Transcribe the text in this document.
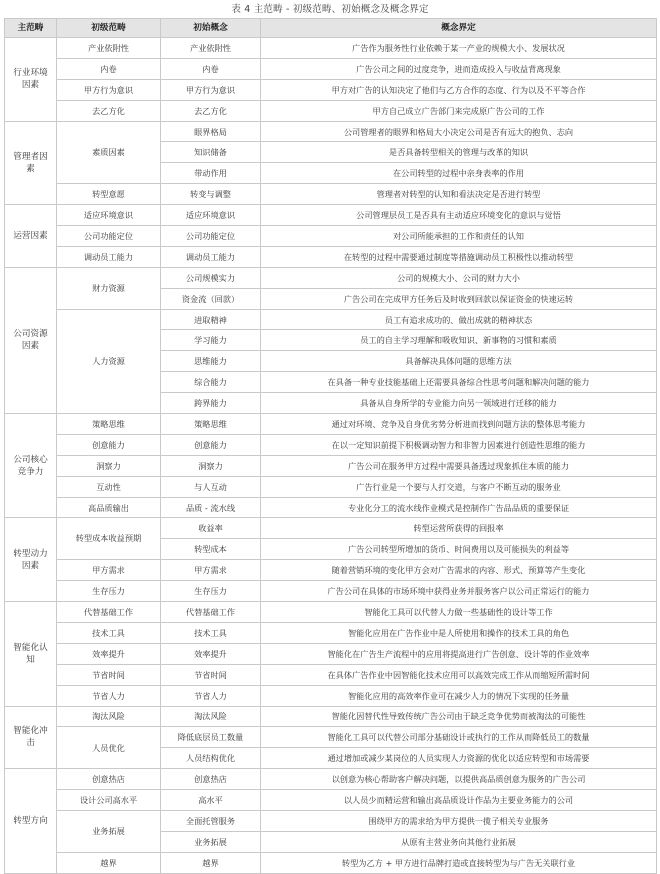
表 4 主范畴 - 初级范畴、初始概念及概念界定
主范畴	初级范畴	初始概念	概念界定
行业环境因素	产业依附性	产业依附性	广告作为服务性行业依赖于某一产业的规模大小、发展状况
	内卷	内卷	广告公司之间的过度竞争，进而造成投入与收益背离现象
	甲方行为意识	甲方行为意识	甲方对广告的认知决定了他们与乙方合作的态度、行为以及不平等合作
	去乙方化	去乙方化	甲方自己成立广告部门来完成原广告公司的工作
管理者因素	素质因素	眼界格局	公司管理者的眼界和格局大小决定公司是否有远大的抱负、志向
		知识储备	是否具备转型相关的管理与改革的知识
		带动作用	在公司转型的过程中亲身表率的作用
	转型意愿	转变与调整	管理者对转型的认知和看法决定是否进行转型
运营因素	适应环境意识	适应环境意识	公司管理层员工是否具有主动适应环境变化的意识与觉悟
	公司功能定位	公司功能定位	对公司所能承担的工作和责任的认知
	调动员工能力	调动员工能力	在转型的过程中需要通过制度等措施调动员工积极性以推动转型
公司资源因素	财力资源	公司规模实力	公司的规模大小、公司的财力大小
		资金流（回款）	广告公司在完成甲方任务后及时收到回款以保证资金的快速运转
	人力资源	进取精神	员工有追求成功的、做出成就的精神状态
		学习能力	员工的自主学习理解和吸收知识、新事物的习惯和素质
		思维能力	具备解决具体问题的思维方法
		综合能力	在具备一种专业技能基础上还需要具备综合性思考问题和解决问题的能力
		跨界能力	具备从自身所学的专业能力向另一领域进行迁移的能力
公司核心竞争力	策略思维	策略思维	通过对环境、竞争及自身优劣势分析进而找到问题方法的整体思考能力
	创意能力	创意能力	在以一定知识前提下积极调动智力和非智力因素进行创造性思维的能力
	洞察力	洞察力	广告公司在服务甲方过程中需要具备透过现象抓住本质的能力
	互动性	与人互动	广告行业是一个要与人打交道，与客户不断互动的服务业
	高品质输出	品质 - 流水线	专业化分工的流水线作业模式是控制作广告品品质的重要保证
转型动力因素	转型成本收益预期	收益率	转型运营所获得的回报率
		转型成本	广告公司转型所增加的货币、时间费用以及可能损失的利益等
	甲方需求	甲方需求	随着营销环境的变化甲方会对广告需求的内容、形式、预算等产生变化
	生存压力	生存压力	广告公司在具体的市场环境中获得业务并服务客户以公司正常运行的能力
智能化认知	代替基础工作	代替基础工作	智能化工具可以代替人力做一些基础性的设计等工作
	技术工具	技术工具	智能化应用在广告作业中是人所使用和操作的技术工具的角色
	效率提升	效率提升	智能化在广告生产流程中的应用将提高进行广告创意、设计等的作业效率
	节省时间	节省时间	在具体广告作业中因智能化技术应用可以高效完成工作从而缩短所需时间
	节省人力	节省人力	智能化应用的高效率作业可在减少人力的情况下实现的任务量
智能化冲击	淘汰风险	淘汰风险	智能化因替代性导致传统广告公司由于缺乏竞争优势而被淘汰的可能性
	人员优化	降低底层员工数量	智能化工具可以代替公司部分基础设计或执行的工作从而降低员工的数量
		人员结构优化	通过增加或减少某岗位的人员实现人力资源的优化以适应转型和市场需要
转型方向	创意热店	创意热店	以创意为核心帮助客户解决问题，以提供高品质创意为服务的广告公司
	设计公司高水平	高水平	以人员少而精运营和输出高品质设计作品为主要业务能力的公司
	业务拓展	全面托管服务	围绕甲方的需求给为甲方提供一揽子相关专业服务
		业务拓展	从原有主营业务向其他行业拓展
	越界	越界	转型为乙方 + 甲方进行品牌打造或直接转型为与广告无关联行业
